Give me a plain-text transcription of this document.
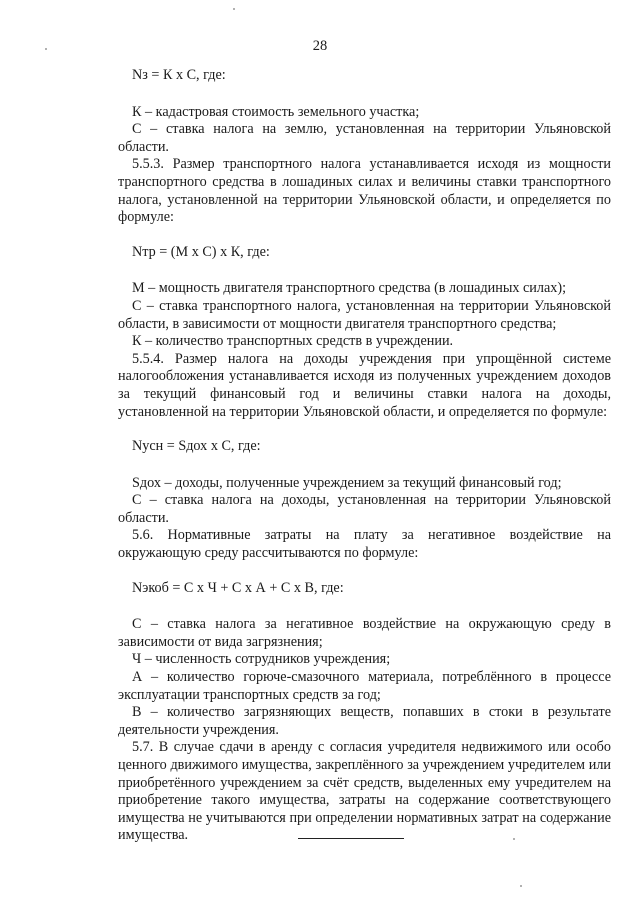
28

Nз = К х С, где:

К – кадастровая стоимость земельного участка;

С – ставка налога на землю, установленная на территории Ульяновской области.

5.5.3. Размер транспортного налога устанавливается исходя из мощности транспортного средства в лошадиных силах и величины ставки транспортного налога, установленной на территории Ульяновской области, и определяется по формуле:

Nтр = (М х С) х К, где:

М – мощность двигателя транспортного средства (в лошадиных силах);

С – ставка транспортного налога, установленная на территории Ульяновской области, в зависимости от мощности двигателя транспортного средства;

К – количество транспортных средств в учреждении.

5.5.4. Размер налога на доходы учреждения при упрощённой системе налогообложения устанавливается исходя из полученных учреждением доходов за текущий финансовый год и величины ставки налога на доходы, установленной на территории Ульяновской области, и определяется по формуле:

Nусн = Sдох х С, где:

Sдох – доходы, полученные учреждением за текущий финансовый год;

С – ставка налога на доходы, установленная на территории Ульяновской области.

5.6. Нормативные затраты на плату за негативное воздействие на окружающую среду рассчитываются по формуле:

Nэкоб = С х Ч + С х А + С х В, где:

С – ставка налога за негативное воздействие на окружающую среду в зависимости от вида загрязнения;

Ч – численность сотрудников учреждения;

А – количество горюче-смазочного материала, потреблённого в процессе эксплуатации транспортных средств за год;

В – количество загрязняющих веществ, попавших в стоки в результате деятельности учреждения.

5.7. В случае сдачи в аренду с согласия учредителя недвижимого или особо ценного движимого имущества, закреплённого за учреждением учредителем или приобретённого учреждением за счёт средств, выделенных ему учредителем на приобретение такого имущества, затраты на содержание соответствующего имущества не учитываются при определении нормативных затрат на содержание имущества.
